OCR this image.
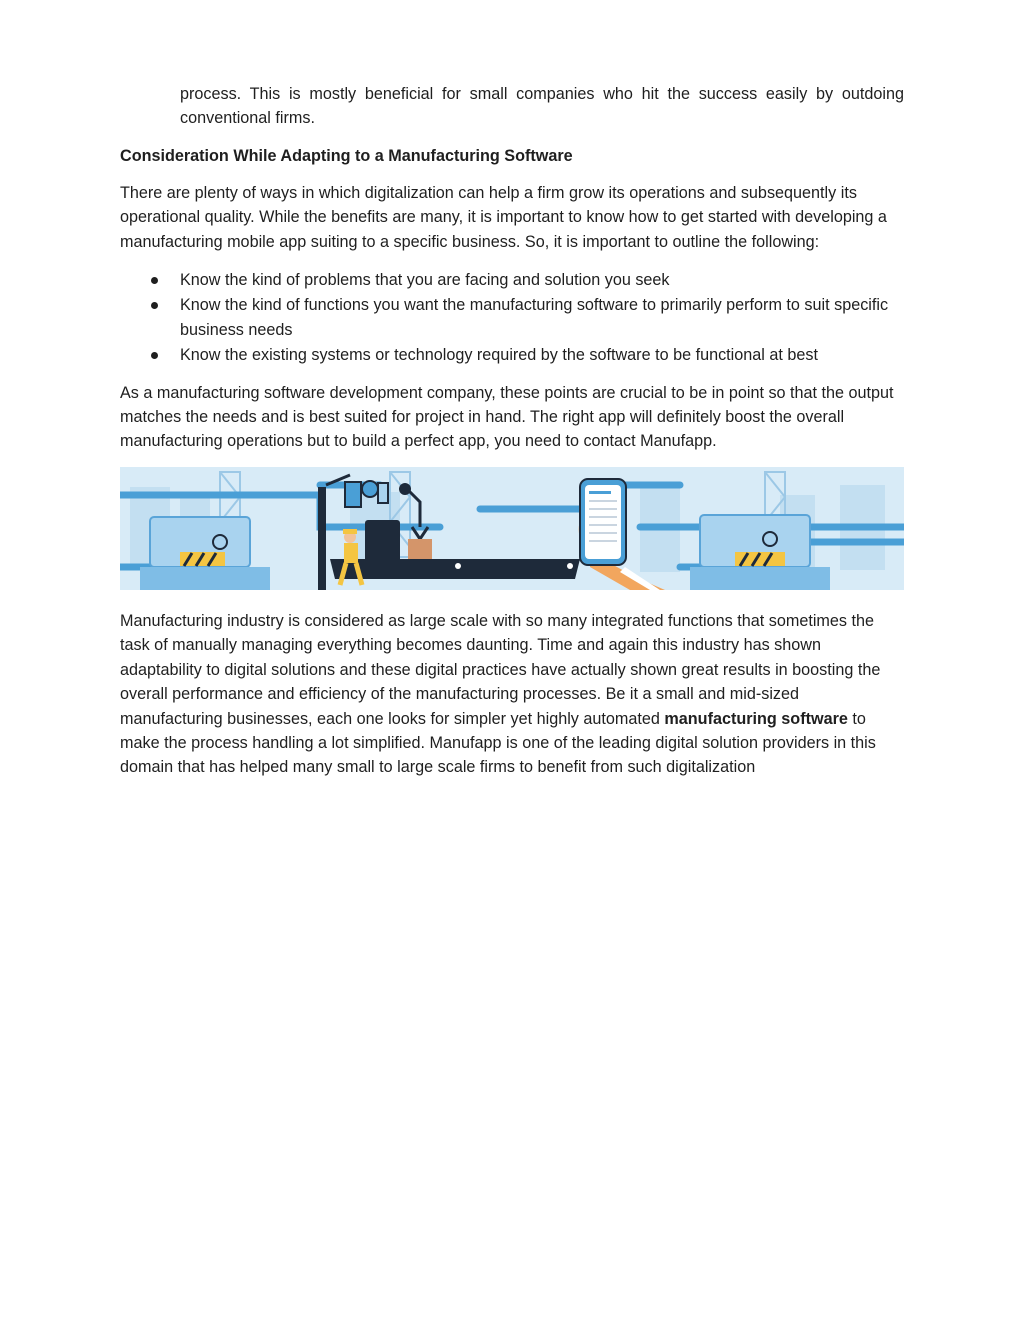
process. This is mostly beneficial for small companies who hit the success easily by outdoing conventional firms.

Consideration While Adapting to a Manufacturing Software

There are plenty of ways in which digitalization can help a firm grow its operations and subsequently its operational quality. While the benefits are many, it is important to know how to get started with developing a manufacturing mobile app suiting to a specific business. So, it is important to outline the following:

Know the kind of problems that you are facing and solution you seek
Know the kind of functions you want the manufacturing software to primarily perform to suit specific business needs
Know the existing systems or technology required by the software to be functional at best

As a manufacturing software development company, these points are crucial to be in point so that the output matches the needs and is best suited for project in hand. The right app will definitely boost the overall manufacturing operations but to build a perfect app, you need to contact Manufapp.

Manufacturing industry is considered as large scale with so many integrated functions that sometimes the task of manually managing everything becomes daunting. Time and again this industry has shown adaptability to digital solutions and these digital practices have actually shown great results in boosting the overall performance and efficiency of the manufacturing processes. Be it a small and mid-sized manufacturing businesses, each one looks for simpler yet highly automated manufacturing software to make the process handling a lot simplified. Manufapp is one of the leading digital solution providers in this domain that has helped many small to large scale firms to benefit from such digitalization
